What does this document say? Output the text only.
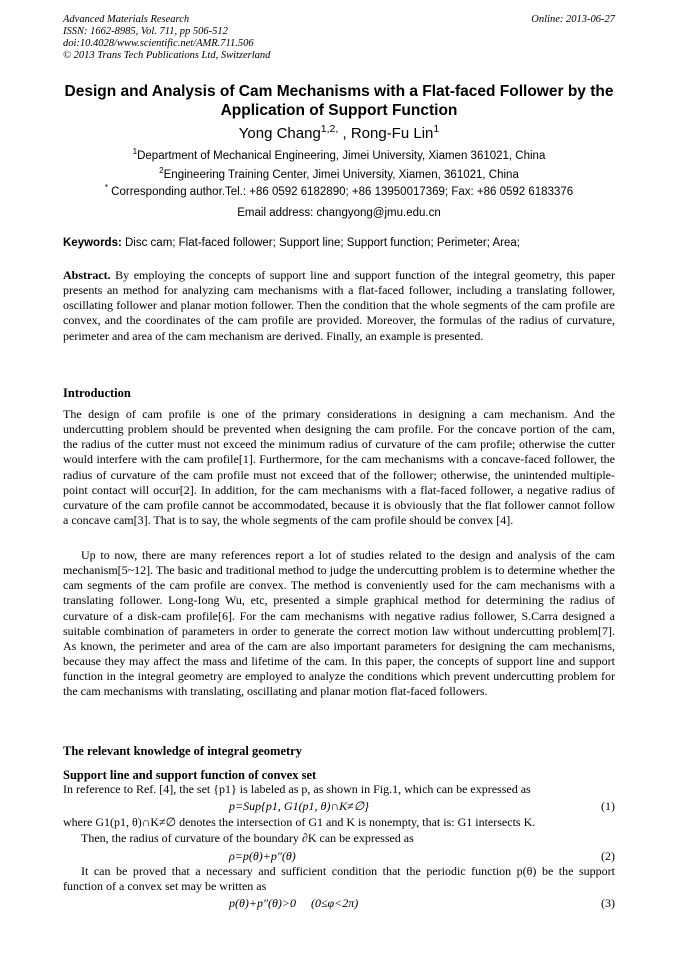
Advanced Materials Research
ISSN: 1662-8985, Vol. 711, pp 506-512
doi:10.4028/www.scientific.net/AMR.711.506
© 2013 Trans Tech Publications Ltd, Switzerland
Online: 2013-06-27
Design and Analysis of Cam Mechanisms with a Flat-faced Follower by the Application of Support Function
Yong Chang$^{1,2,}$ , Rong-Fu Lin$^1$
$^1$Department of Mechanical Engineering, Jimei University, Xiamen 361021, China
$^2$Engineering Training Center, Jimei University, Xiamen, 361021, China
* Corresponding author.Tel.: +86 0592 6182890; +86 13950017369; Fax: +86 0592 6183376
Email address: changyong@jmu.edu.cn
Keywords: Disc cam; Flat-faced follower; Support line; Support function; Perimeter; Area;
Abstract. By employing the concepts of support line and support function of the integral geometry, this paper presents an method for analyzing cam mechanisms with a flat-faced follower, including a translating follower, oscillating follower and planar motion follower. Then the condition that the whole segments of the cam profile are convex, and the coordinates of the cam profile are provided. Moreover, the formulas of the radius of curvature, perimeter and area of the cam mechanism are derived. Finally, an example is presented.
Introduction
The design of cam profile is one of the primary considerations in designing a cam mechanism. And the undercutting problem should be prevented when designing the cam profile. For the concave portion of the cam, the radius of the cutter must not exceed the minimum radius of curvature of the cam profile; otherwise the cutter would interfere with the cam profile[1]. Furthermore, for the cam mechanisms with a concave-faced follower, the radius of curvature of the cam profile must not exceed that of the follower; otherwise, the unintended multiple-point contact will occur[2]. In addition, for the cam mechanisms with a flat-faced follower, a negative radius of curvature of the cam profile cannot be accommodated, because it is obviously that the flat follower cannot follow a concave cam[3]. That is to say, the whole segments of the cam profile should be convex [4].
Up to now, there are many references report a lot of studies related to the design and analysis of the cam mechanism[5~12]. The basic and traditional method to judge the undercutting problem is to determine whether the cam segments of the cam profile are convex. The method is conveniently used for the cam mechanisms with a translating follower. Long-Iong Wu, etc, presented a simple graphical method for determining the radius of curvature of a disk-cam profile[6]. For the cam mechanisms with negative radius follower, S.Carra designed a suitable combination of parameters in order to generate the correct motion law without undercutting problem[7]. As known, the perimeter and area of the cam are also important parameters for designing the cam mechanisms, because they may affect the mass and lifetime of the cam. In this paper, the concepts of support line and support function in the integral geometry are employed to analyze the conditions which prevent undercutting problem for the cam mechanisms with translating, oscillating and planar motion flat-faced followers.
The relevant knowledge of integral geometry
Support line and support function of convex set
In reference to Ref. [4], the set {p1} is labeled as p, as shown in Fig.1, which can be expressed as
p=Sup{p1, G1(p1, θ)∩K≠∅}	(1)
where G1(p1, θ)∩K≠∅ denotes the intersection of G1 and K is nonempty, that is: G1 intersects K.
Then, the radius of curvature of the boundary ∂K can be expressed as
ρ=p(θ)+p″(θ)	(2)
It can be proved that a necessary and sufficient condition that the periodic function p(θ) be the support function of a convex set may be written as
p(θ)+p″(θ)>0     (0≤φ<2π)	(3)
